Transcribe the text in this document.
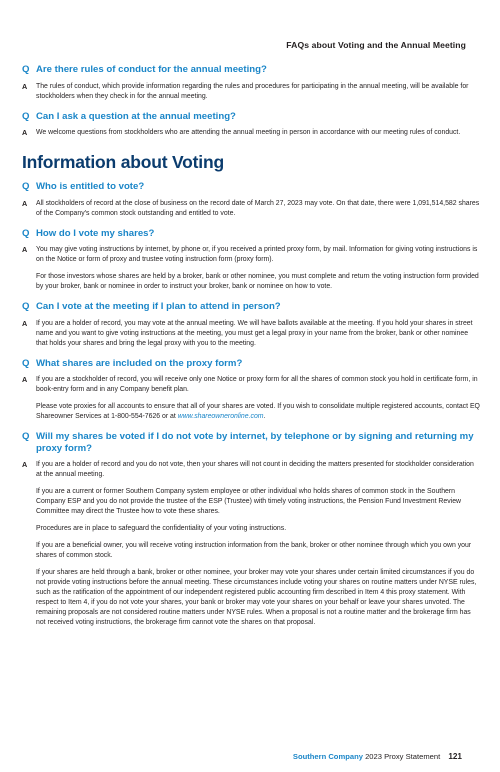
FAQs about Voting and the Annual Meeting
Q Are there rules of conduct for the annual meeting?
A	The rules of conduct, which provide information regarding the rules and procedures for participating in the annual meeting, will be available for stockholders when they check in for the annual meeting.

Q Can I ask a question at the annual meeting?
A	We welcome questions from stockholders who are attending the annual meeting in person in accordance with our meeting rules of conduct.

Information about Voting
Q Who is entitled to vote?
A	All stockholders of record at the close of business on the record date of March 27, 2023 may vote. On that date, there were 1,091,514,582 shares of the Company's common stock outstanding and entitled to vote.

Q How do I vote my shares?
A	You may give voting instructions by internet, by phone or, if you received a printed proxy form, by mail. Information for giving voting instructions is on the Notice or form of proxy and trustee voting instruction form (proxy form).

For those investors whose shares are held by a broker, bank or other nominee, you must complete and return the voting instruction form provided by your broker, bank or nominee in order to instruct your broker, bank or nominee on how to vote.

Q Can I vote at the meeting if I plan to attend in person?
A	If you are a holder of record, you may vote at the annual meeting. We will have ballots available at the meeting. If you hold your shares in street name and you want to give voting instructions at the meeting, you must get a legal proxy in your name from the broker, bank or other nominee that holds your shares and bring the legal proxy with you to the meeting.

Q What shares are included on the proxy form?
A	If you are a stockholder of record, you will receive only one Notice or proxy form for all the shares of common stock you hold in certificate form, in book-entry form and in any Company benefit plan.

Please vote proxies for all accounts to ensure that all of your shares are voted. If you wish to consolidate multiple registered accounts, contact EQ Shareowner Services at 1-800-554-7626 or at www.shareowneronline.com.

Q Will my shares be voted if I do not vote by internet, by telephone or by signing and returning my proxy form?
A	If you are a holder of record and you do not vote, then your shares will not count in deciding the matters presented for stockholder consideration at the annual meeting.

If you are a current or former Southern Company system employee or other individual who holds shares of common stock in the Southern Company ESP and you do not provide the trustee of the ESP (Trustee) with timely voting instructions, the Pension Fund Investment Review Committee may direct the Trustee how to vote these shares.

Procedures are in place to safeguard the confidentiality of your voting instructions.

If you are a beneficial owner, you will receive voting instruction information from the bank, broker or other nominee through which you own your shares of common stock.

If your shares are held through a bank, broker or other nominee, your broker may vote your shares under certain limited circumstances if you do not provide voting instructions before the annual meeting. These circumstances include voting your shares on routine matters under NYSE rules, such as the ratification of the appointment of our independent registered public accounting firm described in Item 4 this proxy statement. With respect to Item 4, if you do not vote your shares, your bank or broker may vote your shares on your behalf or leave your shares unvoted. The remaining proposals are not considered routine matters under NYSE rules. When a proposal is not a routine matter and the brokerage firm has not received voting instructions, the brokerage firm cannot vote the shares on that proposal.

Southern Company 2023 Proxy Statement 121
